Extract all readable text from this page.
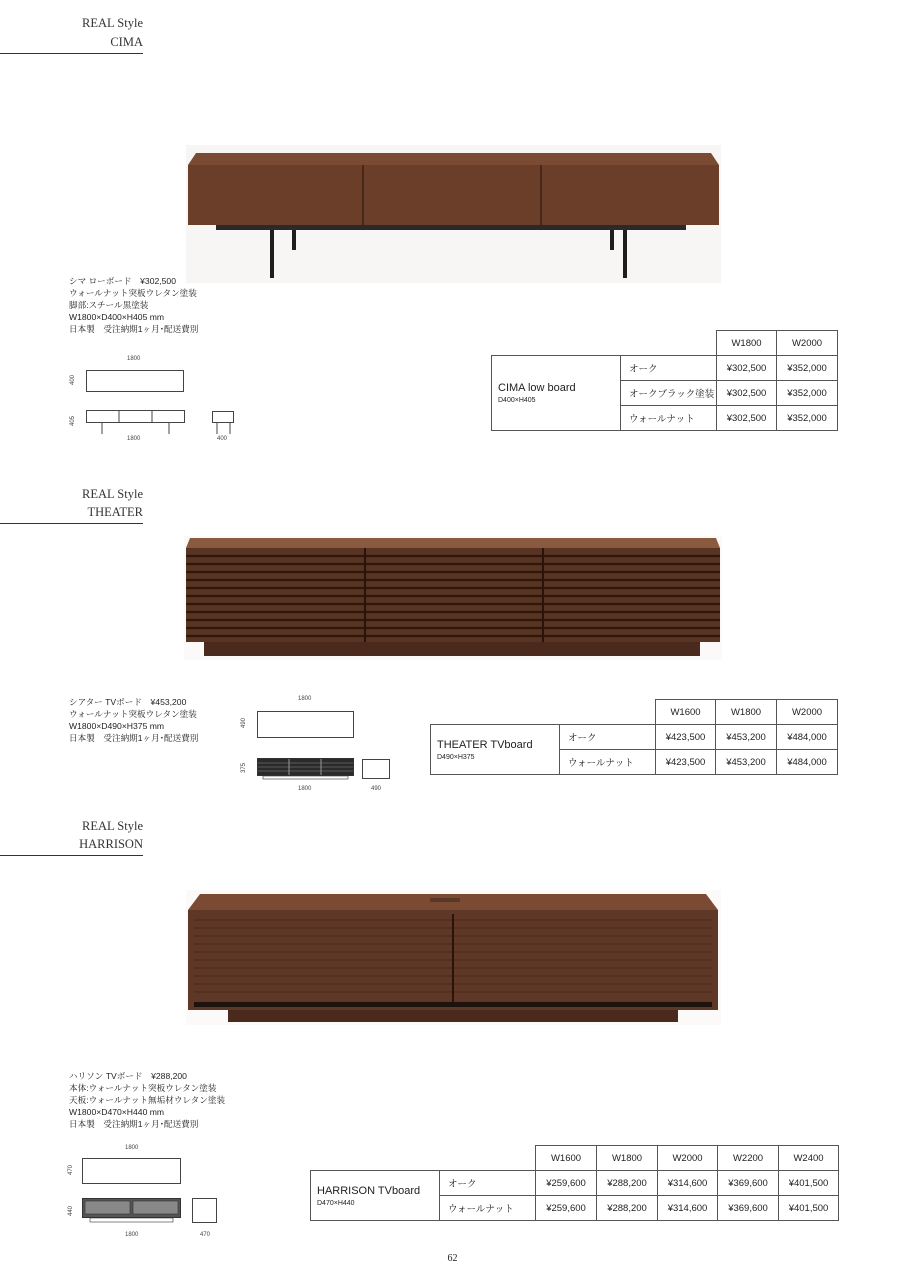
REAL Style
CIMA
シマ ローボード　¥302,500
ウォールナット突板ウレタン塗装
脚部:スチール黒塗装
W1800×D400×H405 mm
日本製　受注納期1ヶ月･配送費別
1800
400
405
1800	400
		W1800	W2000

CIMA low board
D400×H405	オーク	¥302,500	¥352,000
	オークブラック塗装	¥302,500	¥352,000
	ウォールナット	¥302,500	¥352,000
REAL Style
THEATER
シアター TVボード　¥453,200
ウォールナット突板ウレタン塗装
W1800×D490×H375 mm
日本製　受注納期1ヶ月･配送費別
1800
490
375
1800	490
		W1600	W1800	W2000

THEATER TVboard
D490×H375	オーク	¥423,500	¥453,200	¥484,000
	ウォールナット	¥423,500	¥453,200	¥484,000
REAL Style
HARRISON
ハリソン TVボード　¥288,200
本体:ウォールナット突板ウレタン塗装
天板:ウォールナット無垢材ウレタン塗装
W1800×D470×H440 mm
日本製　受注納期1ヶ月･配送費別
1800
470
440
1800	470
		W1600	W1800	W2000	W2200	W2400

HARRISON TVboard
D470×H440	オーク	¥259,600	¥288,200	¥314,600	¥369,600	¥401,500
	ウォールナット	¥259,600	¥288,200	¥314,600	¥369,600	¥401,500
62
